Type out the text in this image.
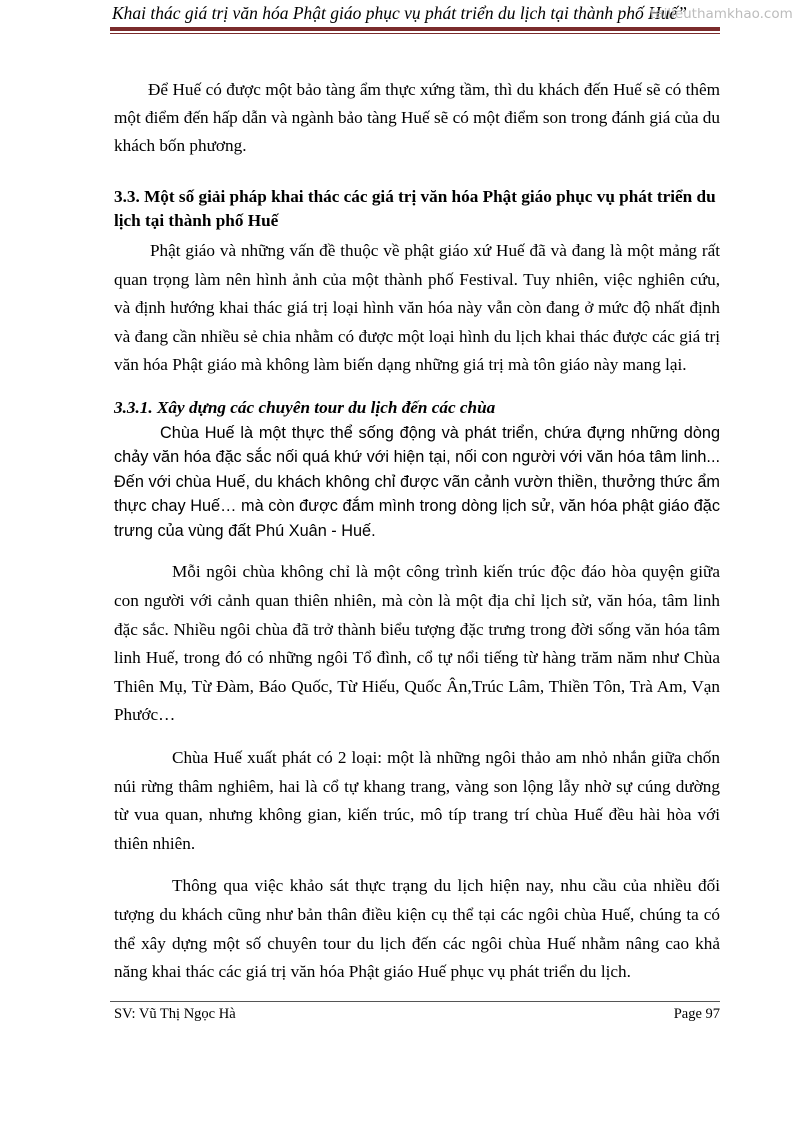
Khai thác giá trị văn hóa Phật giáo phục vụ phát triển du lịch tại thành phố Huế”
tailieuthamkhao.com

Để Huế có được một bảo tàng ẩm thực xứng tầm, thì du khách đến Huế sẽ có thêm một điểm đến hấp dẫn và ngành bảo tàng Huế sẽ có một điểm son trong đánh giá của du khách bốn phương.

3.3. Một số giải pháp khai thác các giá trị văn hóa Phật giáo phục vụ phát triển du lịch tại thành phố Huế

Phật giáo và những vấn đề thuộc về phật giáo xứ Huế đã và đang là một mảng rất quan trọng làm nên hình ảnh của một thành phố Festival. Tuy nhiên, việc nghiên cứu, và định hướng khai thác giá trị loại hình văn hóa này vẫn còn đang ở mức độ nhất định và đang cần nhiều sẻ chia nhằm có được một loại hình du lịch khai thác được các giá trị văn hóa Phật giáo mà không làm biến dạng những giá trị mà tôn giáo này mang lại.

3.3.1. Xây dựng các chuyên tour du lịch đến các chùa

Chùa Huế là một thực thể sống động và phát triển, chứa đựng những dòng chảy văn hóa đặc sắc nối quá khứ với hiện tại, nối con người với văn hóa tâm linh... Đến với chùa Huế, du khách không chỉ được vãn cảnh vườn thiền, thưởng thức ẩm thực chay Huế… mà còn được đắm mình trong dòng lịch sử, văn hóa phật giáo đặc trưng của vùng đất Phú Xuân - Huế.

Mỗi ngôi chùa không chỉ là một công trình kiến trúc độc đáo hòa quyện giữa con người với cảnh quan thiên nhiên, mà còn là một địa chỉ lịch sử, văn hóa, tâm linh đặc sắc. Nhiều ngôi chùa đã trở thành biểu tượng đặc trưng trong đời sống văn hóa tâm linh Huế, trong đó có những ngôi Tổ đình, cổ tự nổi tiếng từ hàng trăm năm như Chùa Thiên Mụ, Từ Đàm, Báo Quốc, Từ Hiếu, Quốc Ân,Trúc Lâm, Thiền Tôn, Trà Am, Vạn Phước…

Chùa Huế xuất phát có 2 loại: một là những ngôi thảo am nhỏ nhắn giữa chốn núi rừng thâm nghiêm, hai là cổ tự khang trang, vàng son lộng lẫy nhờ sự cúng dường từ vua quan, nhưng không gian, kiến trúc, mô típ trang trí chùa Huế đều hài hòa với thiên nhiên.

Thông qua việc khảo sát thực trạng du lịch hiện nay, nhu cầu của nhiều đối tượng du khách cũng như bản thân điều kiện cụ thể tại các ngôi chùa Huế, chúng ta có thể xây dựng một số chuyên tour du lịch đến các ngôi chùa Huế nhằm nâng cao khả năng khai thác các giá trị văn hóa Phật giáo Huế phục vụ phát triển du lịch.

SV: Vũ Thị Ngọc Hà	Page 97
